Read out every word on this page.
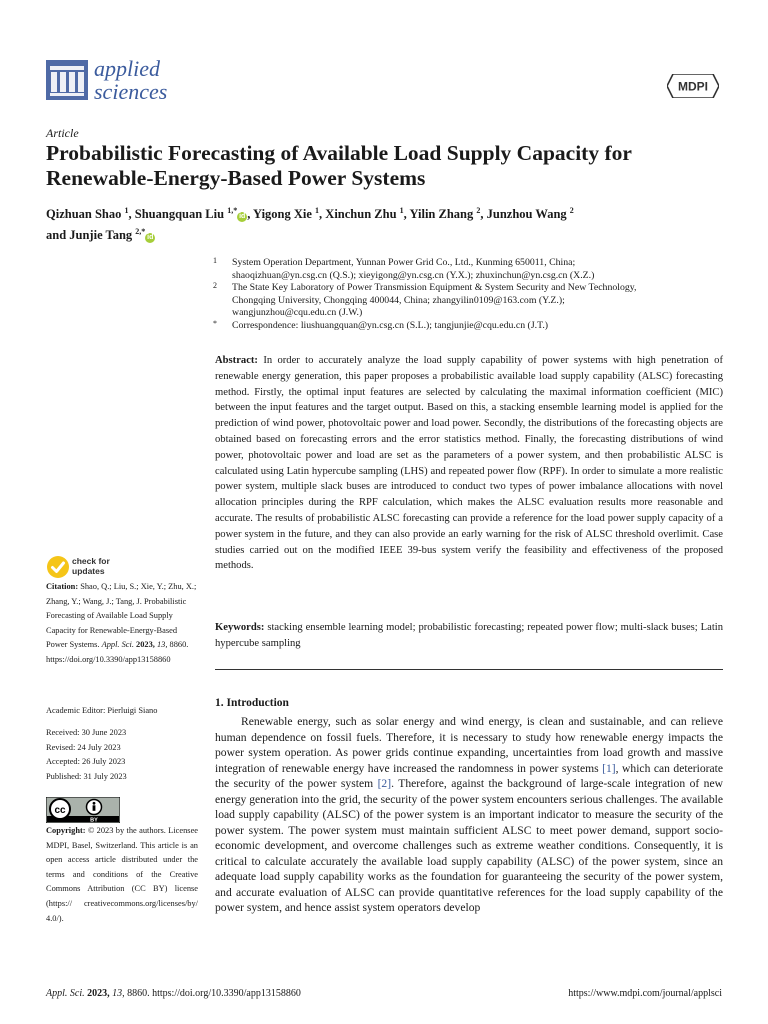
applied
sciences	MDPI
Article
Probabilistic Forecasting of Available Load Supply Capacity for Renewable-Energy-Based Power Systems
Qizhuan Shao $^1$, Shuangquan Liu $^{1,*}$id , Yigong Xie $^1$, Xinchun Zhu $^1$, Yilin Zhang $^2$, Junzhou Wang $^2$
and Junjie Tang $^{2,*}$id
1 System Operation Department, Yunnan Power Grid Co., Ltd., Kunming 650011, China;
shaoqizhuan@yn.csg.cn (Q.S.); xieyigong@yn.csg.cn (Y.X.); zhuxinchun@yn.csg.cn (X.Z.)
2 The State Key Laboratory of Power Transmission Equipment & System Security and New Technology,
Chongqing University, Chongqing 400044, China; zhangyilin0109@163.com (Y.Z.);
wangjunzhou@cqu.edu.cn (J.W.)
* Correspondence: liushuangquan@yn.csg.cn (S.L.); tangjunjie@cqu.edu.cn (J.T.)
Abstract: In order to accurately analyze the load supply capability of power systems with high penetration of renewable energy generation, this paper proposes a probabilistic available load supply capability (ALSC) forecasting method. Firstly, the optimal input features are selected by calculating the maximal information coefficient (MIC) between the input features and the target output. Based on this, a stacking ensemble learning model is applied for the prediction of wind power, photovoltaic power and load power. Secondly, the distributions of the forecasting objects are obtained based on forecasting errors and the error statistics method. Finally, the forecasting distributions of wind power, photovoltaic power and load are set as the parameters of a power system, and then probabilistic ALSC is calculated using Latin hypercube sampling (LHS) and repeated power flow (RPF). In order to simulate a more realistic power system, multiple slack buses are introduced to conduct two types of power imbalance allocations with novel allocation principles during the RPF calculation, which makes the ALSC evaluation results more reasonable and accurate. The results of probabilistic ALSC forecasting can provide a reference for the load power supply capacity of a power system in the future, and they can also provide an early warning for the risk of ALSC threshold overlimit. Case studies carried out on the modified IEEE 39-bus system verify the feasibility and effectiveness of the proposed methods.
Keywords: stacking ensemble learning model; probabilistic forecasting; repeated power flow; multi-slack buses; Latin hypercube sampling
1. Introduction
Renewable energy, such as solar energy and wind energy, is clean and sustainable, and can relieve human dependence on fossil fuels. Therefore, it is necessary to study how renewable energy impacts the power system operation. As power grids continue expanding, uncertainties from load growth and massive integration of renewable energy have increased the randomness in power systems [1], which can deteriorate the security of the power system [2]. Therefore, against the background of large-scale integration of new energy generation into the grid, the security of the power system encounters serious challenges. The available load supply capability (ALSC) of the power system is an important indicator to measure the security of the power system. The power system must maintain sufficient ALSC to meet power demand, support socio-economic development, and overcome challenges such as extreme weather conditions. Consequently, it is critical to calculate accurately the available load supply capability (ALSC) of the power system, since an adequate load supply capability works as the foundation for guaranteeing the security of the power system, and accurate evaluation of ALSC can provide quantitative references for the load supply capability of the power system, and hence assist system operators develop
check for
updates
Citation: Shao, Q.; Liu, S.; Xie, Y.; Zhu, X.; Zhang, Y.; Wang, J.; Tang, J. Probabilistic Forecasting of Available Load Supply Capacity for Renewable-Energy-Based Power Systems. Appl. Sci. 2023, 13, 8860. https://doi.org/10.3390/app13158860
Academic Editor: Pierluigi Siano
Received: 30 June 2023
Revised: 24 July 2023
Accepted: 26 July 2023
Published: 31 July 2023
cc
BY
Copyright: © 2023 by the authors. Licensee MDPI, Basel, Switzerland. This article is an open access article distributed under the terms and conditions of the Creative Commons Attribution (CC BY) license (https:// creativecommons.org/licenses/by/ 4.0/).
Appl. Sci. 2023, 13, 8860. https://doi.org/10.3390/app13158860	https://www.mdpi.com/journal/applsci
